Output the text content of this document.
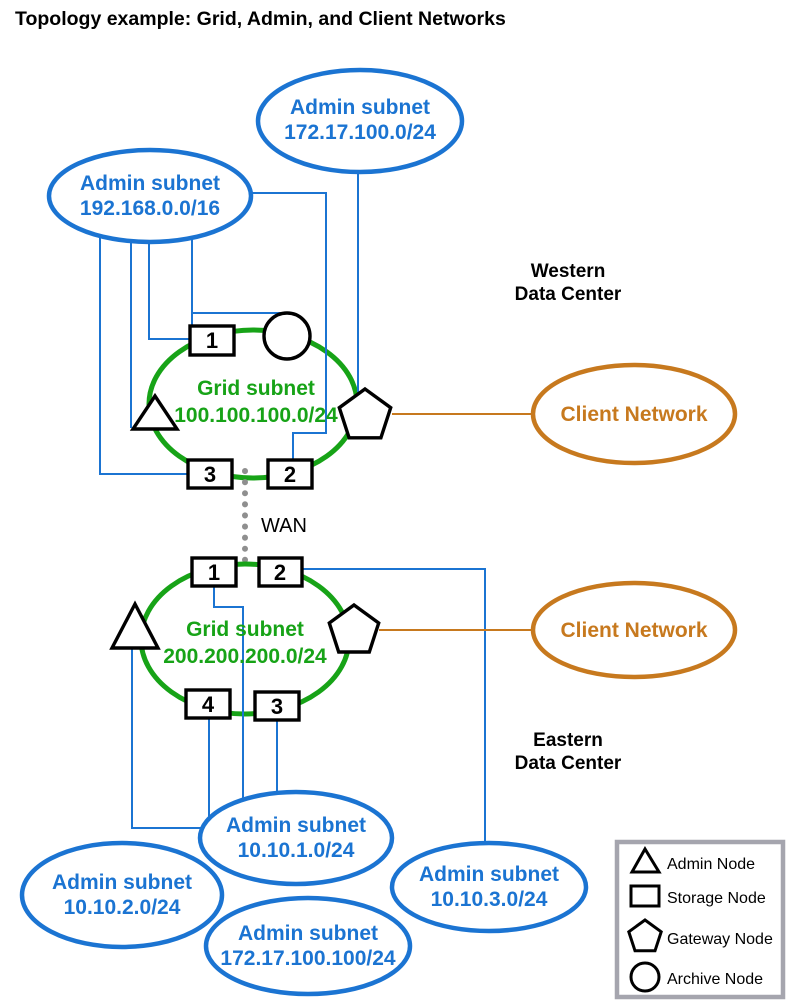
Topology example: Grid, Admin, and Client Networks
1
3	2
Admin subnet
172.17.100.0/24
Admin subnet
192.168.0.0/16
Grid subnet
100.100.100.0/24	Client Network
Western
Data Center
WAN
1 2
4	3
Grid subnet
200.200.200.0/24
Client Network
Eastern
Data Center
Admin subnet
10.10.1.0/24
Admin subnet
10.10.2.0/24
Admin subnet
172.17.100.100/24
Admin subnet
10.10.3.0/24
Admin Node
Storage Node
Gateway Node
Archive Node
